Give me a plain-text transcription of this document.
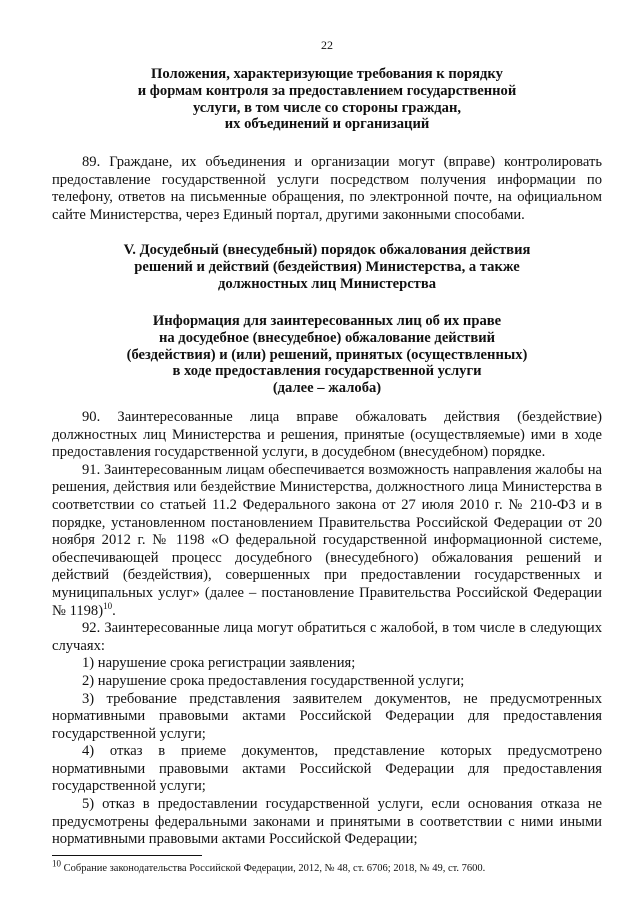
22

Положения, характеризующие требования к порядку

и формам контроля за предоставлением государственной

услуги, в том числе со стороны граждан,

их объединений и организаций

89. Граждане, их объединения и организации могут (вправе) контролировать предоставление государственной услуги посредством получения информации по телефону, ответов на письменные обращения, по электронной почте, на официальном сайте Министерства, через Единый портал, другими законными способами.

V. Досудебный (внесудебный) порядок обжалования действия

решений и действий (бездействия) Министерства, а также

должностных лиц Министерства

Информация для заинтересованных лиц об их праве

на досудебное (внесудебное) обжалование действий

(бездействия) и (или) решений, принятых (осуществленных)

в ходе предоставления государственной услуги

(далее – жалоба)

90. Заинтересованные лица вправе обжаловать действия (бездействие) должностных лиц Министерства и решения, принятые (осуществляемые) ими в ходе предоставления государственной услуги, в досудебном (внесудебном) порядке.

91. Заинтересованным лицам обеспечивается возможность направления жалобы на решения, действия или бездействие Министерства, должностного лица Министерства в соответствии со статьей 11.2 Федерального закона от 27 июля 2010 г. № 210-ФЗ и в порядке, установленном постановлением Правительства Российской Федерации от 20 ноября 2012 г. № 1198 «О федеральной государственной информационной системе, обеспечивающей процесс досудебного (внесудебного) обжалования решений и действий (бездействия), совершенных при предоставлении государственных и муниципальных услуг» (далее – постановление Правительства Российской Федерации № 1198)$^{10}$.

92. Заинтересованные лица могут обратиться с жалобой, в том числе в следующих случаях:

1) нарушение срока регистрации заявления;

2) нарушение срока предоставления государственной услуги;

3) требование представления заявителем документов, не предусмотренных нормативными правовыми актами Российской Федерации для предоставления государственной услуги;

4) отказ в приеме документов, представление которых предусмотрено нормативными правовыми актами Российской Федерации для предоставления государственной услуги;

5) отказ в предоставлении государственной услуги, если основания отказа не предусмотрены федеральными законами и принятыми в соответствии с ними иными нормативными правовыми актами Российской Федерации;

$^{10}$ Собрание законодательства Российской Федерации, 2012, № 48, ст. 6706; 2018, № 49, ст. 7600.
